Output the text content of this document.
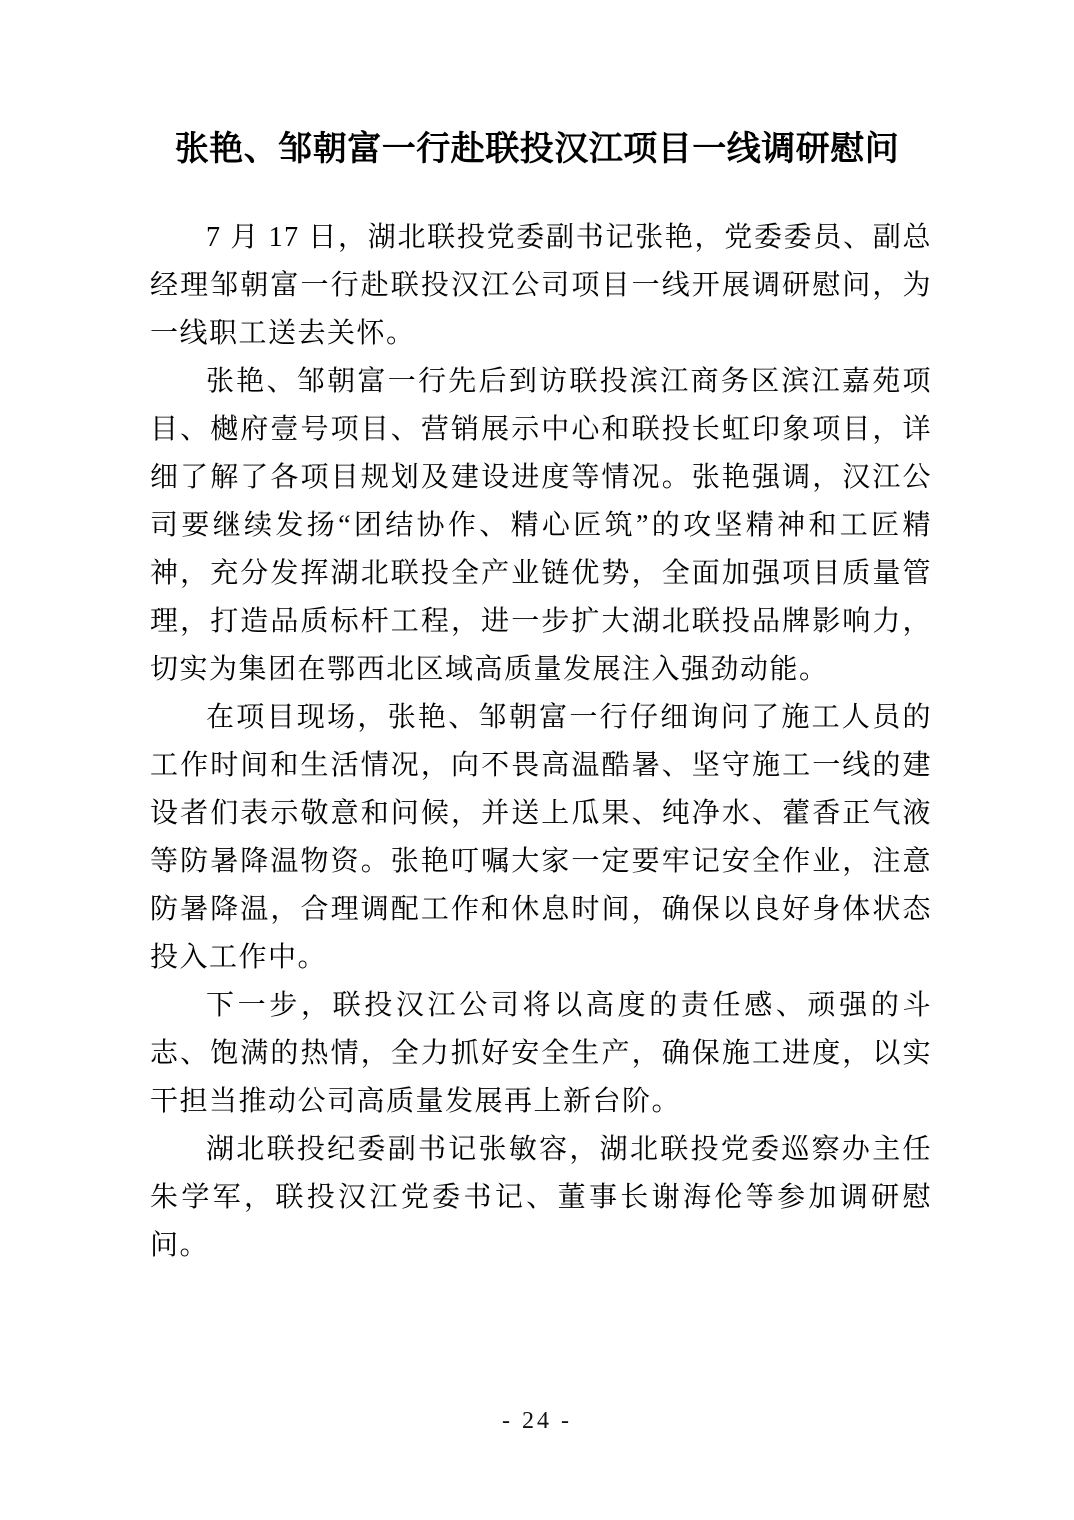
张艳、邹朝富一行赴联投汉江项目一线调研慰问

7 月 17 日，湖北联投党委副书记张艳，党委委员、副总经理邹朝富一行赴联投汉江公司项目一线开展调研慰问，为一线职工送去关怀。

张艳、邹朝富一行先后到访联投滨江商务区滨江嘉苑项目、樾府壹号项目、营销展示中心和联投长虹印象项目，详细了解了各项目规划及建设进度等情况。张艳强调，汉江公司要继续发扬“团结协作、精心匠筑”的攻坚精神和工匠精神，充分发挥湖北联投全产业链优势，全面加强项目质量管理，打造品质标杆工程，进一步扩大湖北联投品牌影响力，切实为集团在鄂西北区域高质量发展注入强劲动能。

在项目现场，张艳、邹朝富一行仔细询问了施工人员的工作时间和生活情况，向不畏高温酷暑、坚守施工一线的建设者们表示敬意和问候，并送上瓜果、纯净水、藿香正气液等防暑降温物资。张艳叮嘱大家一定要牢记安全作业，注意防暑降温，合理调配工作和休息时间，确保以良好身体状态投入工作中。

下一步，联投汉江公司将以高度的责任感、顽强的斗志、饱满的热情，全力抓好安全生产，确保施工进度，以实干担当推动公司高质量发展再上新台阶。

湖北联投纪委副书记张敏容，湖北联投党委巡察办主任朱学军，联投汉江党委书记、董事长谢海伦等参加调研慰问。

- 24 -
